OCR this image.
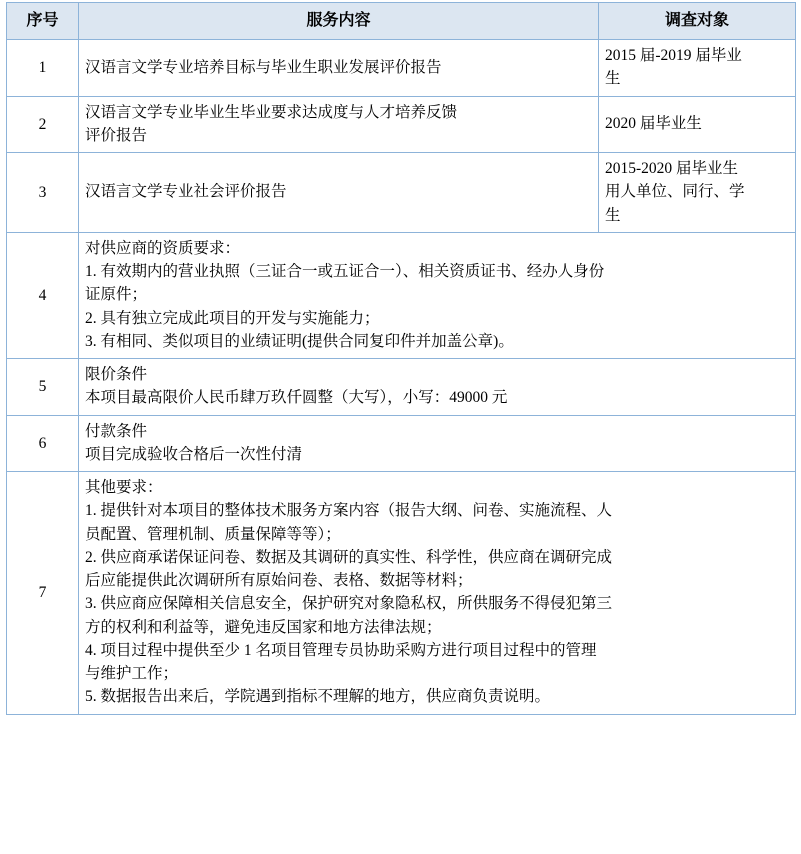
序号	服务内容	调查对象
1	汉语言文学专业培养目标与毕业生职业发展评价报告	2015 届-2019 届毕业
生

2	汉语言文学专业毕业生毕业要求达成度与人才培养反馈
评价报告	2020 届毕业生

3	汉语言文学专业社会评价报告	2015-2020 届毕业生
用人单位、同行、学
生

4	对供应商的资质要求：
1. 有效期内的营业执照（三证合一或五证合一）、相关资质证书、经办人身份
证原件；
2. 具有独立完成此项目的开发与实施能力；
3. 有相同、类似项目的业绩证明(提供合同复印件并加盖公章)。	

5	限价条件
本项目最高限价人民币肆万玖仟圆整（大写），小写：49000 元	

6	付款条件
项目完成验收合格后一次性付清	

7	
其他要求：
1. 提供针对本项目的整体技术服务方案内容（报告大纲、问卷、实施流程、人
员配置、管理机制、质量保障等等）；
2. 供应商承诺保证问卷、数据及其调研的真实性、科学性，供应商在调研完成
后应能提供此次调研所有原始问卷、表格、数据等材料；
3. 供应商应保障相关信息安全，保护研究对象隐私权，所供服务不得侵犯第三
方的权利和利益等，避免违反国家和地方法律法规；
4. 项目过程中提供至少 1 名项目管理专员协助采购方进行项目过程中的管理
与维护工作；
5. 数据报告出来后，学院遇到指标不理解的地方，供应商负责说明。
